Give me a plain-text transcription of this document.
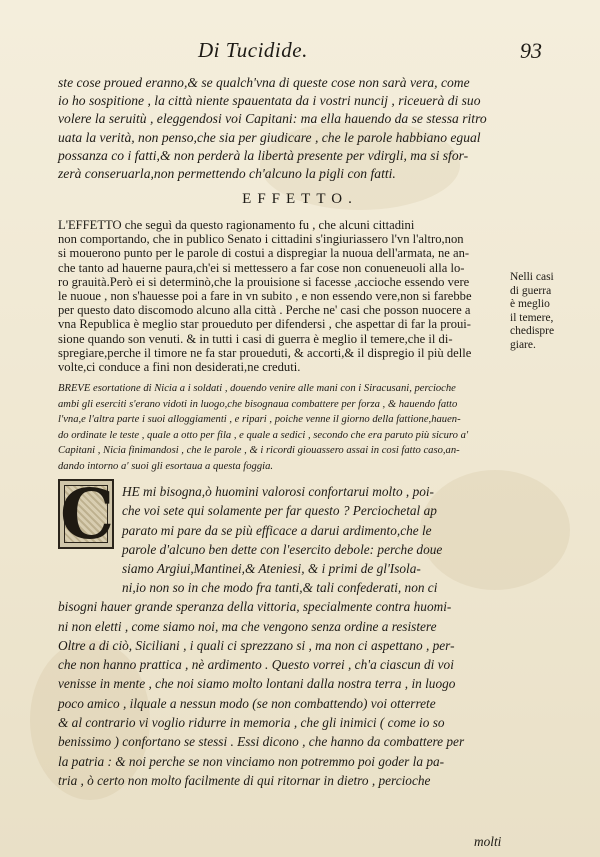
Di Tucidide.	93
ste cose proued eranno,& se qualch'vna di queste cose non sarà vera, come
io ho sospitione , la città niente spauentata da i vostri nuncij , riceuerà di suo
volere la seruitù , eleggendosi voi Capitani: ma ella hauendo da se stessa ritro
uata la verità, non penso,che sia per giudicare , che le parole habbiano egual
possanza co i fatti,& non perderà la libertà presente per vdirgli, ma si sfor-
zerà conseruarla,non permettendo ch'alcuno la pigli con fatti.
EFFETTO.
L'EFFETTO che seguì da questo ragionamento fu , che alcuni cittadini
non comportando, che in publico Senato i cittadini s'ingiuriassero l'vn l'altro,non
si mouerono punto per le parole di costui a dispregiar la nuoua dell'armata, ne an-
che tanto ad hauerne paura,ch'ei si mettessero a far cose non conueneuoli alla lo-
ro grauità.Però ei si determinò,che la prouisione si facesse ,accioche essendo vere
le nuoue , non s'hauesse poi a fare in vn subito , e non essendo vere,non si farebbe
per questo dato discomodo alcuno alla città . Perche ne' casi che posson nuocere a
vna Republica è meglio star proueduto per difendersi , che aspettar di far la proui-
sione quando son venuti. & in tutti i casi di guerra è meglio il temere,che il di-
spregiare,perche il timore ne fa star proueduti, & accorti,& il dispregio il più delle
volte,ci conduce a fini non desiderati,ne creduti.
Nelli casi
di guerra
è meglio
il temere,
chedispre
giare.
BREVE esortatione di Nicia a i soldati , douendo venire alle mani con i Siracusani, percioche
ambi gli eserciti s'erano vidoti in luogo,che bisognaua combattere per forza , & hauendo fatto
l'vna,e l'altra parte i suoi alloggiamenti , e ripari , poiche venne il giorno della fattione,hauen-
do ordinate le teste , quale a otto per fila , e quale a sedici , secondo che era paruto più sicuro a'
Capitani , Nicia finimandosi , che le parole , & i ricordi giouassero assai in cosi fatto caso,an-
dando intorno a' suoi gli esortaua a questa foggia.
C HE mi bisogna,ò huomini valorosi confortarui molto , poi-
che voi sete qui solamente per far questo ? Perciochetal ap
parato mi pare da se più efficace a darui ardimento,che le
parole d'alcuno ben dette con l'esercito debole: perche doue
siamo Argiui,Mantinei,& Ateniesi, & i primi de gl'Isola-
ni,io non so in che modo fra tanti,& tali confederati, non ci
bisogni hauer grande speranza della vittoria, specialmente contra huomi-
ni non eletti , come siamo noi, ma che vengono senza ordine a resistere
Oltre a di ciò, Siciliani , i quali ci sprezzano si , ma non ci aspettano , per-
che non hanno prattica , nè ardimento . Questo vorrei , ch'a ciascun di voi
venisse in mente , che noi siamo molto lontani dalla nostra terra , in luogo
poco amico , ilquale a nessun modo (se non combattendo) voi otterrete
& al contrario vi voglio ridurre in memoria , che gli inimici ( come io so
benissimo ) confortano se stessi . Essi dicono , che hanno da combattere per
la patria : & noi perche se non vinciamo non potremmo poi goder la pa-
tria , ò certo non molto facilmente di qui ritornar in dietro , percioche
molti
